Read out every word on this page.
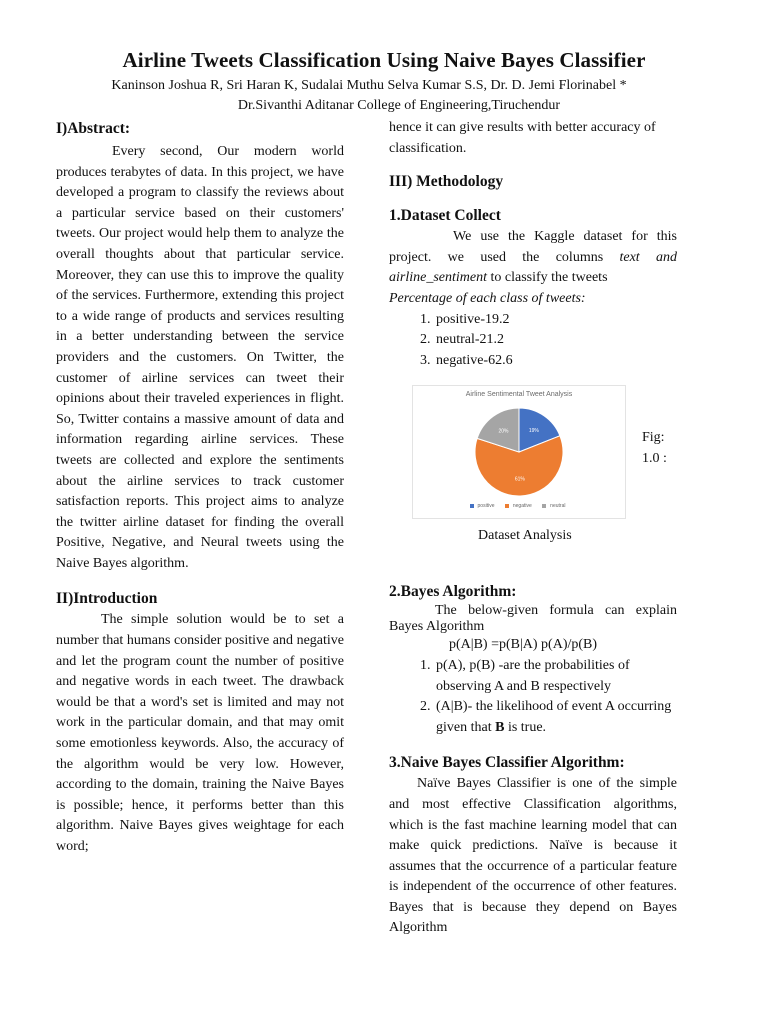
Airline Tweets Classification Using Naive Bayes Classifier
Kaninson Joshua R, Sri Haran K, Sudalai Muthu Selva Kumar S.S, Dr. D. Jemi Florinabel *
Dr.Sivanthi Aditanar College of Engineering,Tiruchendur
I)Abstract:

Every second, Our modern world produces terabytes of data. In this project, we have developed a program to classify the reviews about a particular service based on their customers' tweets. Our project would help them to analyze the overall thoughts about that particular service. Moreover, they can use this to improve the quality of the services. Furthermore, extending this project to a wide range of products and services resulting in a better understanding between the service providers and the customers. On Twitter, the customer of airline services can tweet their opinions about their traveled experiences in flight. So, Twitter contains a massive amount of data and information regarding airline services. These tweets are collected and explore the sentiments about the airline services to track customer satisfaction reports. This project aims to analyze the twitter airline dataset for finding the overall Positive, Negative, and Neural tweets using the Naive Bayes algorithm.

II)Introduction

The simple solution would be to set a number that humans consider positive and negative and let the program count the number of positive and negative words in each tweet. The drawback would be that a word's set is limited and may not work in the particular domain, and that may omit some emotionless keywords. Also, the accuracy of the algorithm would be very low. However, according to the domain, training the Naive Bayes is possible; hence, it performs better than this algorithm. Naive Bayes gives weightage for each word;

hence it can give results with better accuracy of classification.

III) Methodology
1.Dataset Collect

We use the Kaggle dataset for this project. we used the columns text and airline_sentiment to classify the tweets

Percentage of each class of tweets:

1. positive-19.2
2. neutral-21.2
3. negative-62.6
2.Bayes Algorithm:

The below-given formula can explain Bayes Algorithm

p(A|B) =p(B|A) p(A)/p(B)

1. p(A), p(B) -are the probabilities of observing A and B respectively
2. (A|B)- the likelihood of event A occurring given that B is true.
3.Naive Bayes Classifier Algorithm:

Naïve Bayes Classifier is one of the simple and most effective Classification algorithms, which is the fast machine learning model that can make quick predictions. Naïve is because it assumes that the occurrence of a particular feature is independent of the occurrence of other features. Bayes that is because they depend on Bayes Algorithm

Airline Sentimental Tweet Analysis
19%
61%
20%
positive	negative	neutral
Fig:
1.0 :
Dataset Analysis
